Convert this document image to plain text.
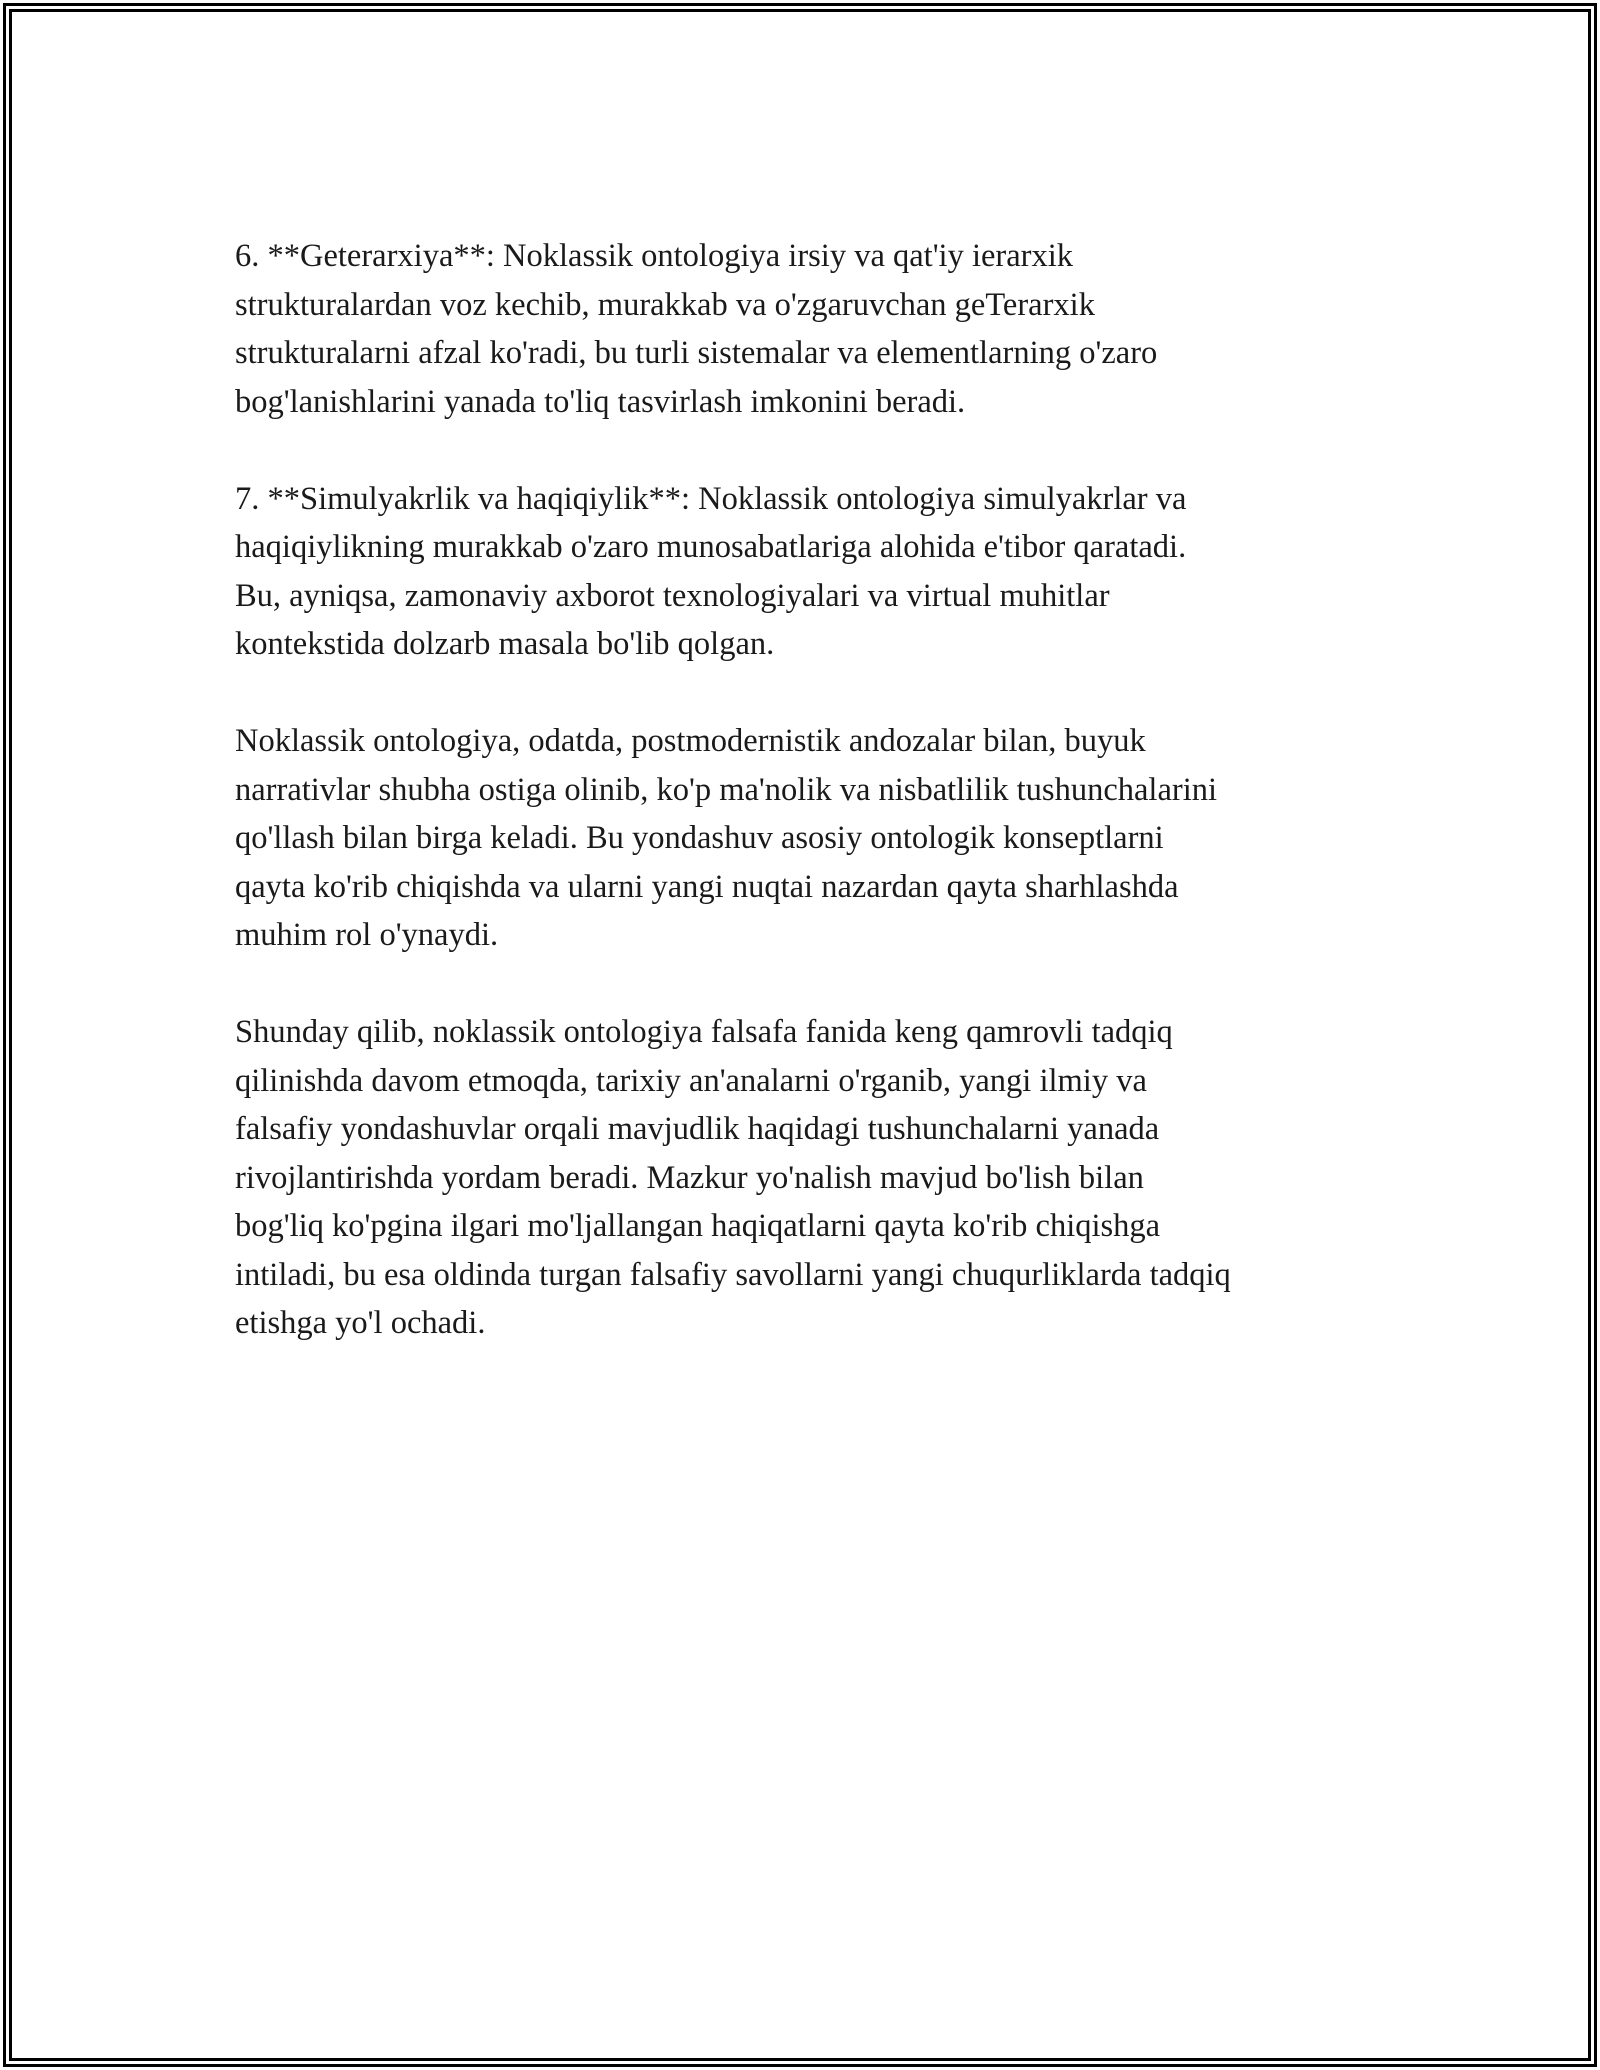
6. **Geterarxiya**: Noklassik ontologiya irsiy va qat'iy ierarxik
strukturalardan voz kechib, murakkab va o'zgaruvchan geTerarxik
strukturalarni afzal ko'radi, bu turli sistemalar va elementlarning o'zaro
bog'lanishlarini yanada to'liq tasvirlash imkonini beradi.

7. **Simulyakrlik va haqiqiylik**: Noklassik ontologiya simulyakrlar va
haqiqiylikning murakkab o'zaro munosabatlariga alohida e'tibor qaratadi.
Bu, ayniqsa, zamonaviy axborot texnologiyalari va virtual muhitlar
kontekstida dolzarb masala bo'lib qolgan.

Noklassik ontologiya, odatda, postmodernistik andozalar bilan, buyuk
narrativlar shubha ostiga olinib, ko'p ma'nolik va nisbatlilik tushunchalarini
qo'llash bilan birga keladi. Bu yondashuv asosiy ontologik konseptlarni
qayta ko'rib chiqishda va ularni yangi nuqtai nazardan qayta sharhlashda
muhim rol o'ynaydi.

Shunday qilib, noklassik ontologiya falsafa fanida keng qamrovli tadqiq
qilinishda davom etmoqda, tarixiy an'analarni o'rganib, yangi ilmiy va
falsafiy yondashuvlar orqali mavjudlik haqidagi tushunchalarni yanada
rivojlantirishda yordam beradi. Mazkur yo'nalish mavjud bo'lish bilan
bog'liq ko'pgina ilgari mo'ljallangan haqiqatlarni qayta ko'rib chiqishga
intiladi, bu esa oldinda turgan falsafiy savollarni yangi chuqurliklarda tadqiq
etishga yo'l ochadi.
